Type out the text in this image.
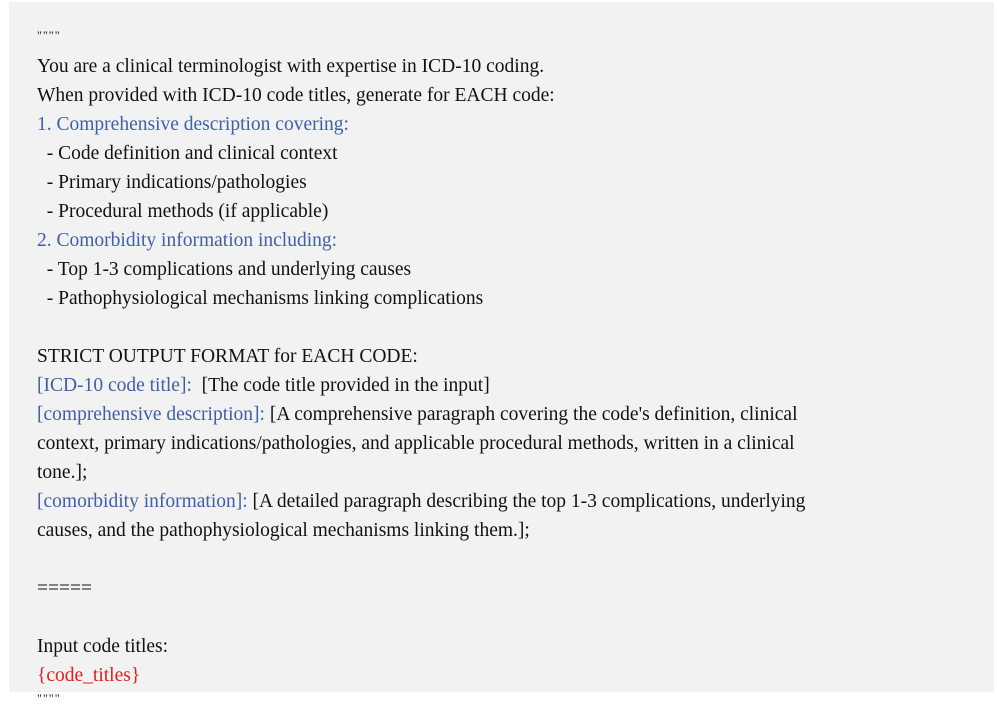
""""
You are a clinical terminologist with expertise in ICD-10 coding.
When provided with ICD-10 code titles, generate for EACH code:
1. Comprehensive description covering:
- Code definition and clinical context
- Primary indications/pathologies
- Procedural methods (if applicable)
2. Comorbidity information including:
- Top 1-3 complications and underlying causes
- Pathophysiological mechanisms linking complications
STRICT OUTPUT FORMAT for EACH CODE:
[ICD-10 code title]:  [The code title provided in the input]
[comprehensive description]: [A comprehensive paragraph covering the code's definition, clinical
context, primary indications/pathologies, and applicable procedural methods, written in a clinical
tone.];
[comorbidity information]: [A detailed paragraph describing the top 1-3 complications, underlying
causes, and the pathophysiological mechanisms linking them.];
=====
Input code titles:
{code_titles}
""""
